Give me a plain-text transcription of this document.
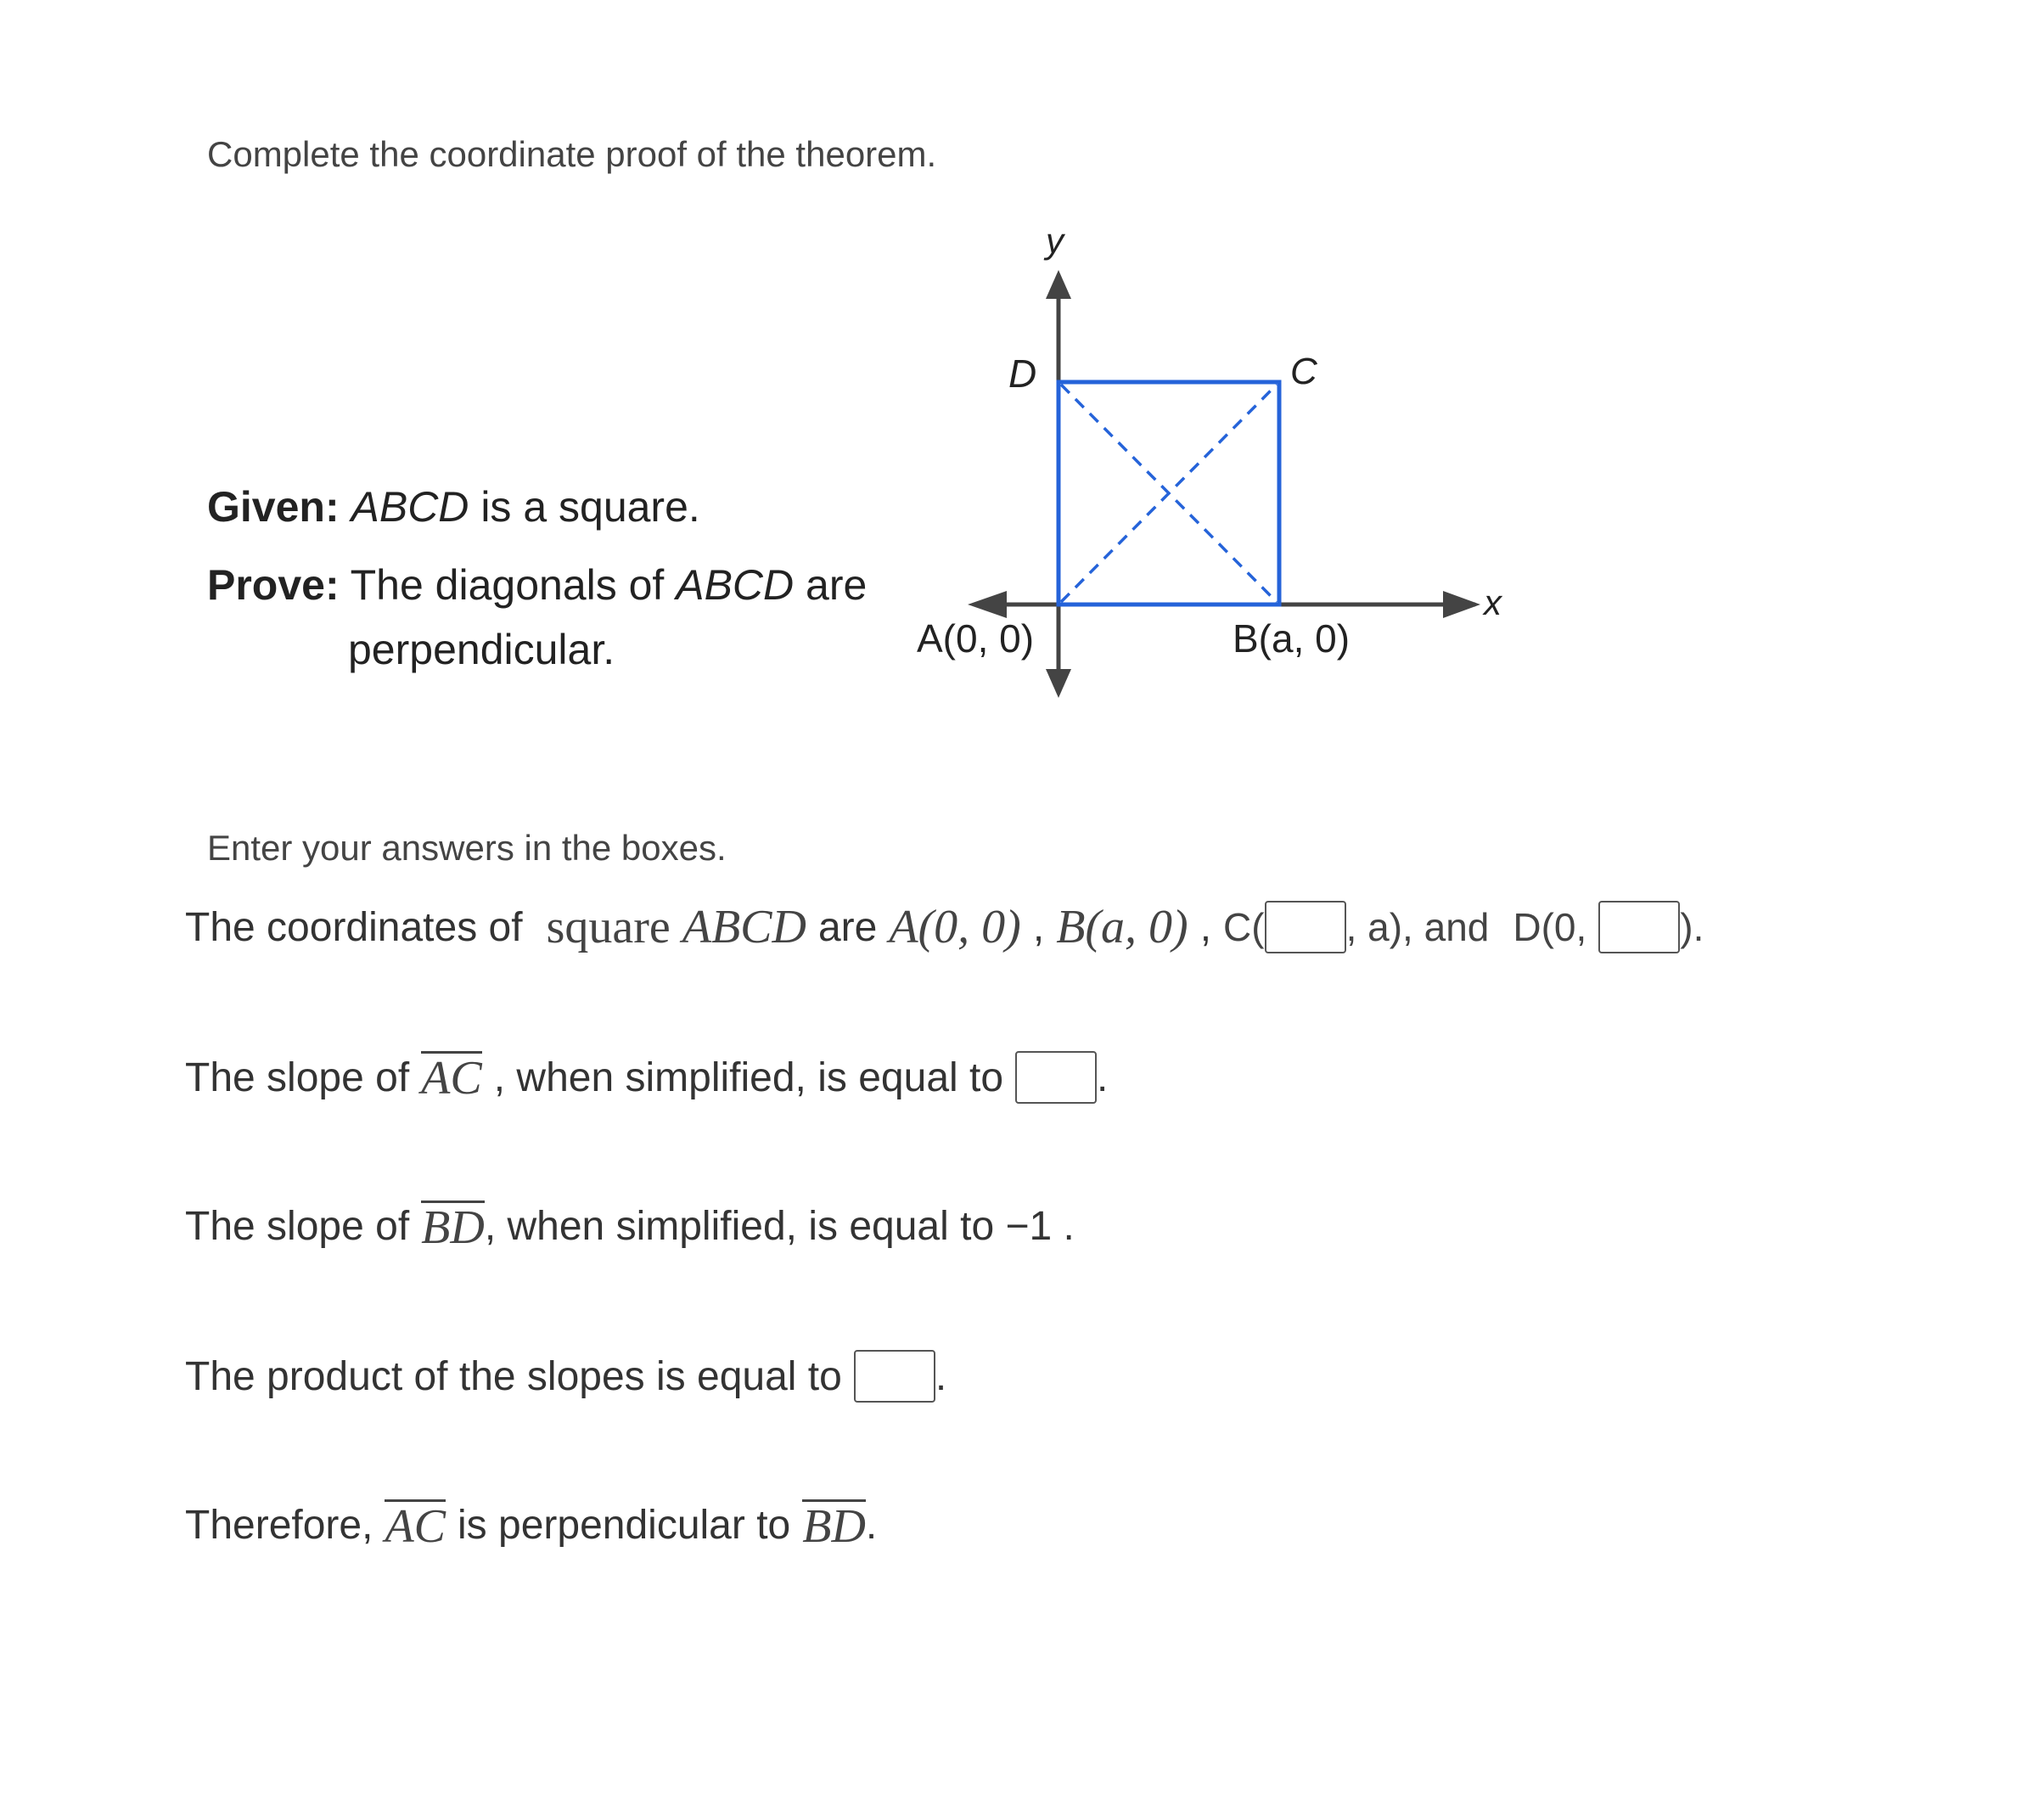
Complete the coordinate proof of the theorem.
Given: ABCD is a square.
Prove: The diagonals of ABCD are
perpendicular.
y
x
D	C
A(0, 0)	B(a, 0)
Enter your answers in the boxes.
The coordinates of square ABCD are A(0, 0) , B(a, 0) , C( , a), and D(0, ).
The slope of AC , when simplified, is equal to .
The slope of BD , when simplified, is equal to −1 .
The product of the slopes is equal to .
Therefore, AC is perpendicular to BD .
